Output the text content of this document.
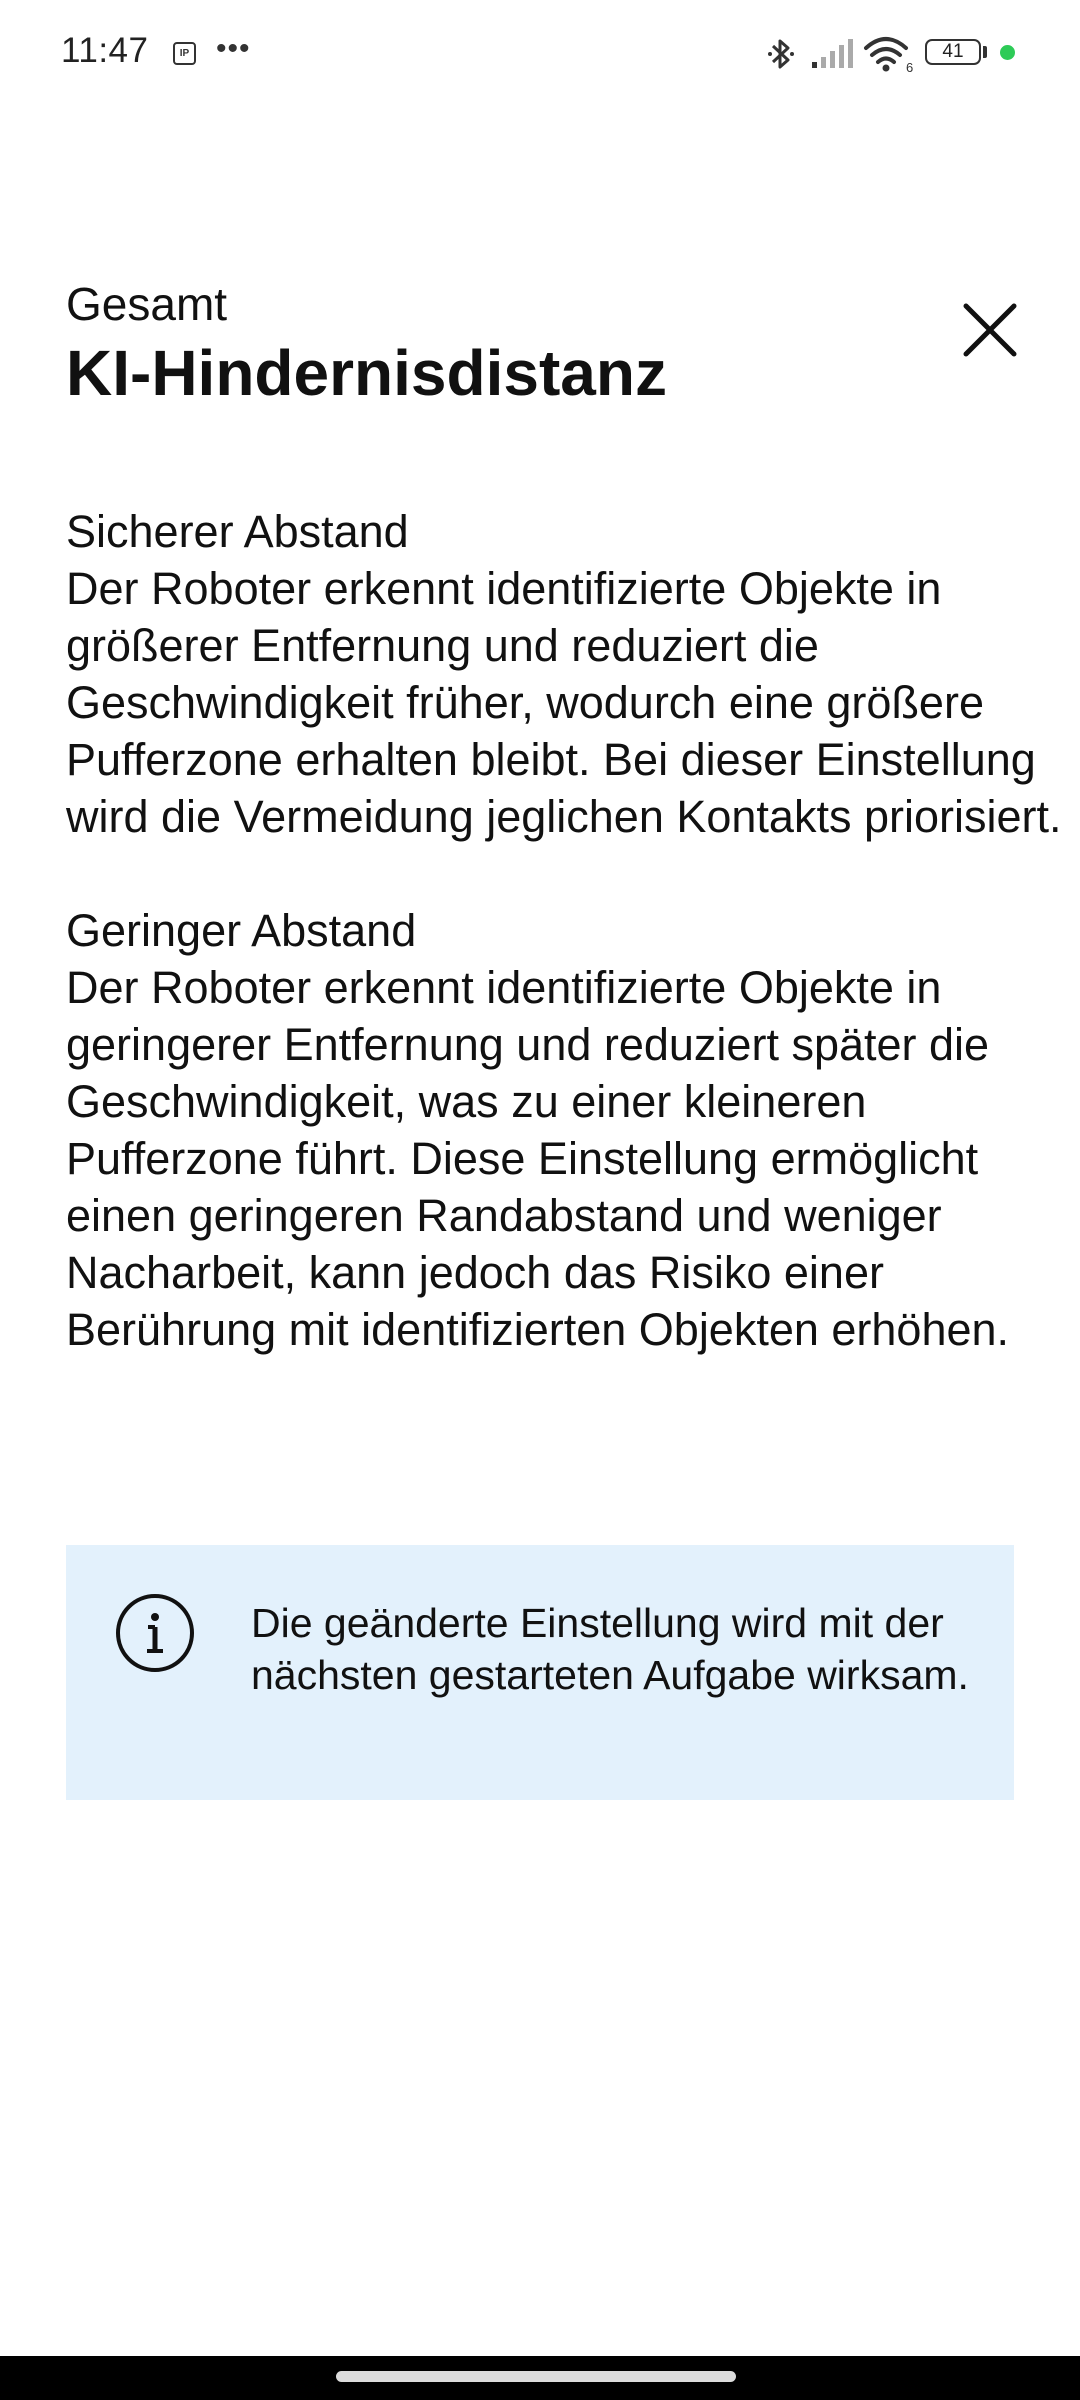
11:47	IP •••
6
41
Gesamt
KI-Hindernisdistanz
Sicherer Abstand
Der Roboter erkennt identifizierte Objekte in größerer Entfernung und reduziert die Geschwindigkeit früher, wodurch eine größere Pufferzone erhalten bleibt. Bei dieser Einstellung wird die Vermeidung jeglichen Kontakts priorisiert.
Geringer Abstand
Der Roboter erkennt identifizierte Objekte in geringerer Entfernung und reduziert später die Geschwindigkeit, was zu einer kleineren Pufferzone führt. Diese Einstellung ermöglicht einen geringeren Randabstand und weniger Nacharbeit, kann jedoch das Risiko einer Berührung mit identifizierten Objekten erhöhen.
Die geänderte Einstellung wird mit der nächsten gestarteten Aufgabe wirksam.
